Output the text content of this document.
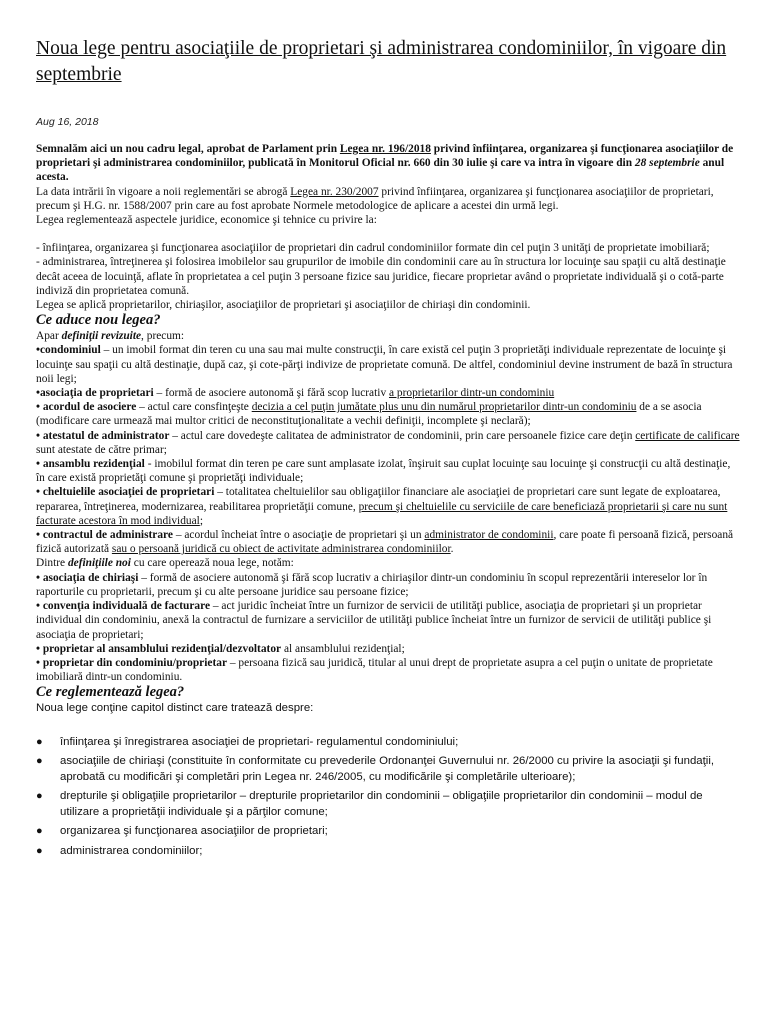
Noua lege pentru asociaţiile de proprietari şi administrarea condominiilor, în vigoare din septembrie
Aug 16, 2018

Semnalăm aici un nou cadru legal, aprobat de Parlament prin Legea nr. 196/2018 privind înfiinţarea, organizarea şi funcţionarea asociaţiilor de proprietari şi administrarea condominiilor, publicată în Monitorul Oficial nr. 660 din 30 iulie şi care va intra în vigoare din 28 septembrie anul acesta.

La data intrării în vigoare a noii reglementări se abrogă Legea nr. 230/2007 privind înfiinţarea, organizarea şi funcţionarea asociaţiilor de proprietari, precum şi H.G. nr. 1588/2007 prin care au fost aprobate Normele metodologice de aplicare a acestei din urmă legi.

Legea reglementează aspectele juridice, economice şi tehnice cu privire la:

- înfiinţarea, organizarea şi funcţionarea asociaţiilor de proprietari din cadrul condominiilor formate din cel puţin 3 unităţi de proprietate imobiliară;

- administrarea, întreţinerea şi folosirea imobilelor sau grupurilor de imobile din condominii care au în structura lor locuinţe sau spaţii cu altă destinaţie decât aceea de locuinţă, aflate în proprietatea a cel puţin 3 persoane fizice sau juridice, fiecare proprietar având o proprietate individuală şi o cotă-parte indiviză din proprietatea comună.

Legea se aplică proprietarilor, chiriaşilor, asociaţiilor de proprietari şi asociaţiilor de chiriaşi din condominii.

Ce aduce nou legea?

Apar definiţii revizuite, precum:

•condominiul – un imobil format din teren cu una sau mai multe construcţii, în care există cel puţin 3 proprietăţi individuale reprezentate de locuinţe şi locuinţe sau spaţii cu altă destinaţie, după caz, şi cote-părţi indivize de proprietate comună. De altfel, condominiul devine instrument de bază în structura noii legi;

•asociaţia de proprietari – formă de asociere autonomă şi fără scop lucrativ a proprietarilor dintr-un condominiu

• acordul de asociere – actul care consfinţeşte decizia a cel puţin jumătate plus unu din numărul proprietarilor dintr-un condominiu de a se asocia (modificare care urmează mai multor critici de neconstituţionalitate a vechii definiţii, incomplete şi neclară);

• atestatul de administrator – actul care dovedeşte calitatea de administrator de condominii, prin care persoanele fizice care deţin certificate de calificare sunt atestate de către primar;

• ansamblu rezidenţial - imobilul format din teren pe care sunt amplasate izolat, înşiruit sau cuplat locuinţe sau locuinţe şi construcţii cu altă destinaţie, în care există proprietăţi comune şi proprietăţi individuale;

• cheltuielile asociaţiei de proprietari – totalitatea cheltuielilor sau obligaţiilor financiare ale asociaţiei de proprietari care sunt legate de exploatarea, repararea, întreţinerea, modernizarea, reabilitarea proprietăţii comune, precum şi cheltuielile cu serviciile de care beneficiază proprietarii şi care nu sunt facturate acestora în mod individual;

• contractul de administrare – acordul încheiat între o asociaţie de proprietari şi un administrator de condominii, care poate fi persoană fizică, persoană fizică autorizată sau o persoană juridică cu obiect de activitate administrarea condominiilor.

Dintre definiţiile noi cu care operează noua lege, notăm:

• asociaţia de chiriaşi – formă de asociere autonomă şi fără scop lucrativ a chiriaşilor dintr-un condominiu în scopul reprezentării intereselor lor în raporturile cu proprietarii, precum şi cu alte persoane juridice sau persoane fizice;

• convenţia individuală de facturare – act juridic încheiat între un furnizor de servicii de utilităţi publice, asociaţia de proprietari şi un proprietar individual din condominiu, anexă la contractul de furnizare a serviciilor de utilităţi publice încheiat între un furnizor de servicii de utilităţi publice şi asociaţia de proprietari;

• proprietar al ansamblului rezidenţial/dezvoltator al ansamblului rezidenţial;

• proprietar din condominiu/proprietar – persoana fizică sau juridică, titular al unui drept de proprietate asupra a cel puţin o unitate de proprietate imobiliară dintr-un condominiu.

Ce reglementează legea?

Noua lege conţine capitol distinct care tratează despre:

● înfiinţarea şi înregistrarea asociaţiei de proprietari- regulamentul condominiului;
● asociaţiile de chiriaşi (constituite în conformitate cu prevederile Ordonanţei Guvernului nr. 26/2000 cu privire la asociaţii şi fundaţii, aprobată cu modificări şi completări prin Legea nr. 246/2005, cu modificările şi completările ulterioare);
● drepturile şi obligaţiile proprietarilor – drepturile proprietarilor din condominii – obligaţiile proprietarilor din condominii – modul de utilizare a proprietăţii individuale şi a părţilor comune;
● organizarea şi funcţionarea asociaţiilor de proprietari;
● administrarea condominiilor;
